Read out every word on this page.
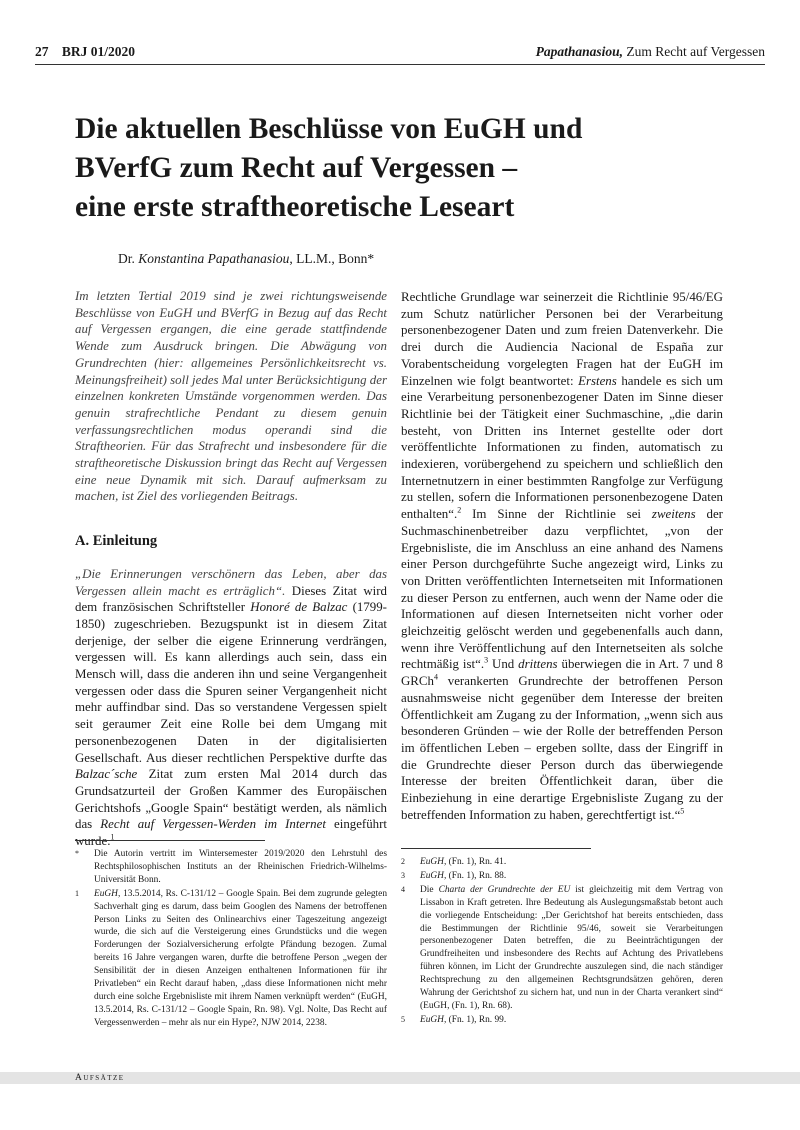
27 BRJ 01/2020	Papathanasiou, Zum Recht auf Vergessen
Die aktuellen Beschlüsse von EuGH und
BVerfG zum Recht auf Vergessen –
eine erste straftheoretische Leseart
Dr. Konstantina Papathanasiou, LL.M., Bonn*

Im letzten Tertial 2019 sind je zwei richtungsweisende Beschlüsse von EuGH und BVerfG in Bezug auf das Recht auf Vergessen ergangen, die eine gerade stattfindende Wende zum Ausdruck bringen. Die Abwägung von Grundrechten (hier: allgemeines Persönlichkeitsrecht vs. Meinungsfreiheit) soll jedes Mal unter Berücksichtigung der einzelnen konkreten Umstände vorgenommen werden. Das genuin strafrechtliche Pendant zu diesem genuin verfassungsrechtlichen modus operandi sind die Straftheorien. Für das Strafrecht und insbesondere für die straftheoretische Diskussion bringt das Recht auf Vergessen eine neue Dynamik mit sich. Darauf aufmerksam zu machen, ist Ziel des vorliegenden Beitrags.

A. Einleitung

„Die Erinnerungen verschönern das Leben, aber das Vergessen allein macht es erträglich“. Dieses Zitat wird dem französischen Schriftsteller Honoré de Balzac (1799-1850) zugeschrieben. Bezugspunkt ist in diesem Zitat derjenige, der selber die eigene Erinnerung verdrängen, vergessen will. Es kann allerdings auch sein, dass ein Mensch will, dass die anderen ihn und seine Vergangenheit vergessen oder dass die Spuren seiner Vergangenheit nicht mehr auffindbar sind. Das so verstandene Vergessen spielt seit geraumer Zeit eine Rolle bei dem Umgang mit personenbezogenen Daten in der digitalisierten Gesellschaft. Aus dieser rechtlichen Perspektive durfte das Balzac´sche Zitat zum ersten Mal 2014 durch das Grundsatzurteil der Großen Kammer des Europäischen Gerichtshofs „Google Spain“ bestätigt werden, als nämlich das Recht auf Vergessen-Werden im Internet eingeführt wurde.$^1$

Rechtliche Grundlage war seinerzeit die Richtlinie 95/46/EG zum Schutz natürlicher Personen bei der Verarbeitung personenbezogener Daten und zum freien Datenverkehr. Die drei durch die Audiencia Nacional de España zur Vorabentscheidung vorgelegten Fragen hat der EuGH im Einzelnen wie folgt beantwortet: Erstens handele es sich um eine Verarbeitung personenbezogener Daten im Sinne dieser Richtlinie bei der Tätigkeit einer Suchmaschine, „die darin besteht, von Dritten ins Internet gestellte oder dort veröffentlichte Informationen zu finden, automatisch zu indexieren, vorübergehend zu speichern und schließlich den Internetnutzern in einer bestimmten Rangfolge zur Verfügung zu stellen, sofern die Informationen personenbezogene Daten enthalten“.$^2$ Im Sinne der Richtlinie sei zweitens der Suchmaschinenbetreiber dazu verpflichtet, „von der Ergebnisliste, die im Anschluss an eine anhand des Namens einer Person durchgeführte Suche angezeigt wird, Links zu von Dritten veröffentlichten Internetseiten mit Informationen zu dieser Person zu entfernen, auch wenn der Name oder die Informationen auf diesen Internetseiten nicht vorher oder gleichzeitig gelöscht werden und gegebenenfalls auch dann, wenn ihre Veröffentlichung auf den Internetseiten als solche rechtmäßig ist“.$^3$ Und drittens überwiegen die in Art. 7 und 8 GRCh$^4$ verankerten Grundrechte der betroffenen Person ausnahmsweise nicht gegenüber dem Interesse der breiten Öffentlichkeit am Zugang zu der Information, „wenn sich aus besonderen Gründen – wie der Rolle der betreffenden Person im öffentlichen Leben – ergeben sollte, dass der Eingriff in die Grundrechte dieser Person durch das überwiegende Interesse der breiten Öffentlichkeit daran, über die Einbeziehung in eine derartige Ergebnisliste Zugang zu der betreffenden Information zu haben, gerechtfertigt ist.“$^5$

* Die Autorin vertritt im Wintersemester 2019/2020 den Lehrstuhl des Rechtsphilosophischen Instituts an der Rheinischen Friedrich-Wilhelms-Universität Bonn.
1 EuGH, 13.5.2014, Rs. C-131/12 – Google Spain. Bei dem zugrunde gelegten Sachverhalt ging es darum, dass beim Googlen des Namens der betroffenen Person Links zu Seiten des Onlinearchivs einer Tageszeitung angezeigt wurde, die sich auf die Versteigerung eines Grundstücks und die wegen Forderungen der Sozialversicherung erfolgte Pfändung bezogen. Zumal bereits 16 Jahre vergangen waren, durfte die betroffene Person „wegen der Sensibilität der in diesen Anzeigen enthaltenen Informationen für ihr Privatleben“ ein Recht darauf haben, „dass diese Informationen nicht mehr durch eine solche Ergebnisliste mit ihrem Namen verknüpft werden“ (EuGH, 13.5.2014, Rs. C-131/12 – Google Spain, Rn. 98). Vgl. Nolte, Das Recht auf Vergessenwerden – mehr als nur ein Hype?, NJW 2014, 2238.
2 EuGH, (Fn. 1), Rn. 41.
3 EuGH, (Fn. 1), Rn. 88.
4 Die Charta der Grundrechte der EU ist gleichzeitig mit dem Vertrag von Lissabon in Kraft getreten. Ihre Bedeutung als Auslegungsmaßstab betont auch die vorliegende Entscheidung: „Der Gerichtshof hat bereits entschieden, dass die Bestimmungen der Richtlinie 95/46, soweit sie Verarbeitungen personenbezogener Daten betreffen, die zu Beeinträchtigungen der Grundfreiheiten und insbesondere des Rechts auf Achtung des Privatlebens führen können, im Licht der Grundrechte auszulegen sind, die nach ständiger Rechtsprechung zu den allgemeinen Rechtsgrundsätzen gehören, deren Wahrung der Gerichtshof zu sichern hat, und nun in der Charta verankert sind“ (EuGH, (Fn. 1), Rn. 68).
5 EuGH, (Fn. 1), Rn. 99.
Aufsätze
